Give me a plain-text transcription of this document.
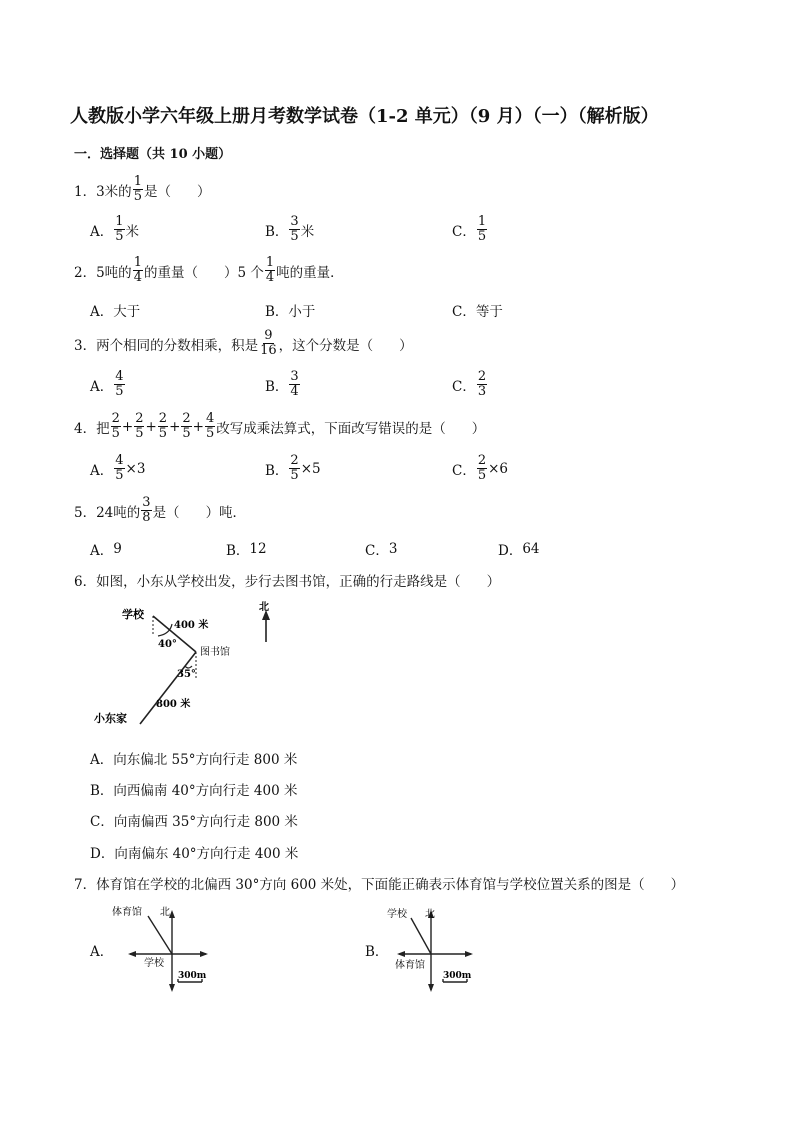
人教版小学六年级上册月考数学试卷（1-2 单元）（9 月）（一）（解析版）
一．选择题（共 10 小题）
1． 3米的 $\frac{1}{5}$ 是（ ）
A． $\frac{1}{5}$ 米	B． $\frac{3}{5}$ 米	C． $\frac{1}{5}$
2． 5吨的 $\frac{1}{4}$ 的重量（ ）5 个 $\frac{1}{4}$ 吨的重量．
A． 大于	B． 小于	C． 等于
3． 两个相同的分数相乘，积是 $\frac{9}{16}$ ，这个分数是（ ）
A． $\frac{4}{5}$	B． $\frac{3}{4}$	C． $\frac{2}{3}$
4． 把 $\frac{2}{5} + \frac{2}{5} + \frac{2}{5} + \frac{2}{5} + \frac{4}{5}$ 改写成乘法算式，下面改写错误的是（ ）
A． $\frac{4}{5} \times 3$	B． $\frac{2}{5} \times 5$	C． $\frac{2}{5} \times 6$
5． 24吨的 $\frac{3}{8}$ 是（ ）吨．
A． 9	B． 12	C． 3	D． 64
6． 如图，小东从学校出发，步行去图书馆，正确的行走路线是（ ）
北
学校
400 米
40°
图书馆
35°
800 米
小东家
A． 向东偏北 55°方向行走 800 米
B． 向西偏南 40°方向行走 400 米
C． 向南偏西 35°方向行走 800 米
D． 向南偏东 40°方向行走 400 米
7． 体育馆在学校的北偏西 30°方向 600 米处，下面能正确表示体育馆与学校位置关系的图是（ ）
A．
体育馆 北
学校
300m
B．
学校 北
体育馆
300m
